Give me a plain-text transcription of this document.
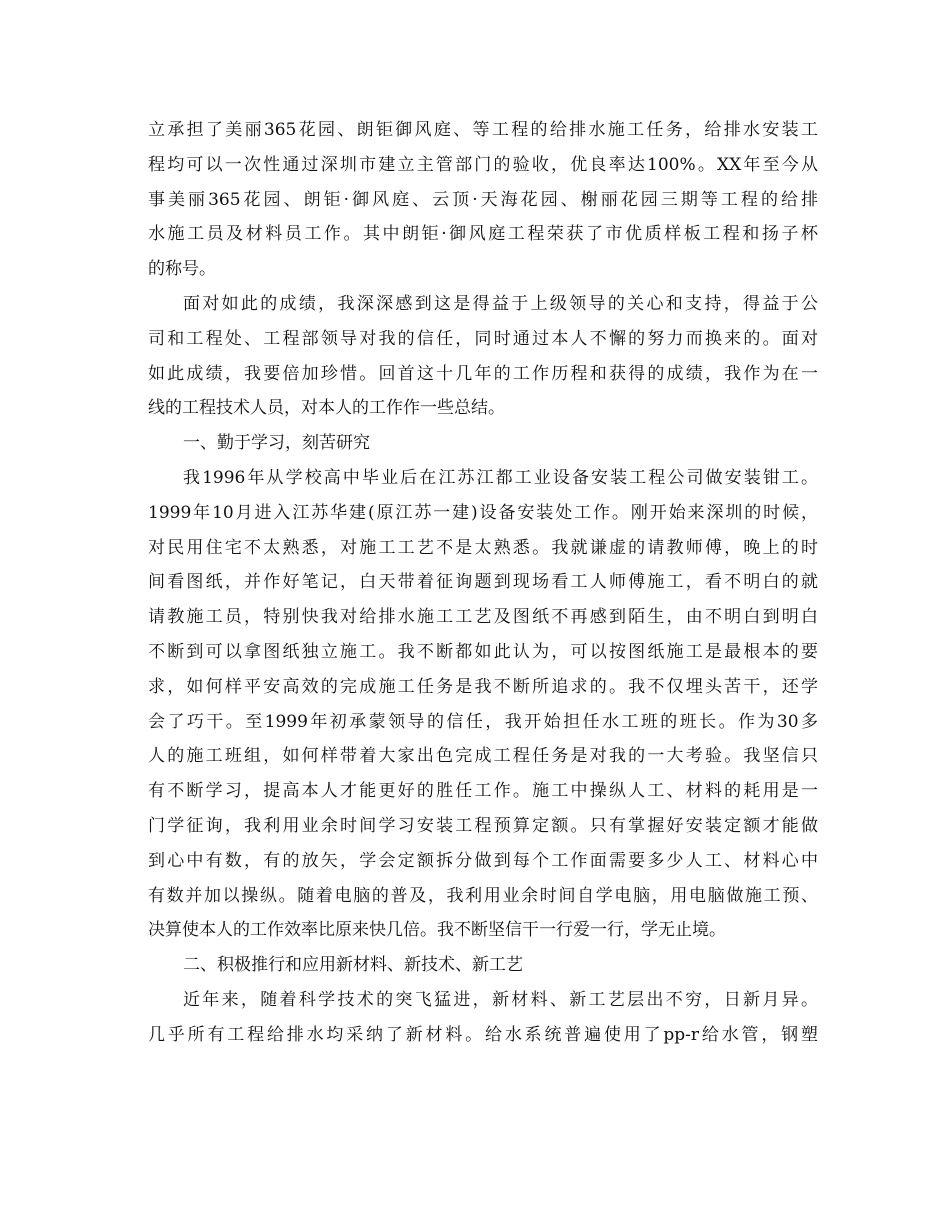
立承担了美丽365花园、朗钜御风庭、等工程的给排水施工任务，给排水安装工
程均可以一次性通过深圳市建立主管部门的验收，优良率达100%。XX年至今从
事美丽365花园、朗钜·御风庭、云顶·天海花园、榭丽花园三期等工程的给排
水施工员及材料员工作。其中朗钜·御风庭工程荣获了市优质样板工程和扬子杯
的称号。
面对如此的成绩，我深深感到这是得益于上级领导的关心和支持，得益于公
司和工程处、工程部领导对我的信任，同时通过本人不懈的努力而换来的。面对
如此成绩，我要倍加珍惜。回首这十几年的工作历程和获得的成绩，我作为在一
线的工程技术人员，对本人的工作作一些总结。
一、勤于学习，刻苦研究
我1996年从学校高中毕业后在江苏江都工业设备安装工程公司做安装钳工。
1999年10月进入江苏华建(原江苏一建)设备安装处工作。刚开始来深圳的时候，
对民用住宅不太熟悉，对施工工艺不是太熟悉。我就谦虚的请教师傅，晚上的时
间看图纸，并作好笔记，白天带着征询题到现场看工人师傅施工，看不明白的就
请教施工员，特别快我对给排水施工工艺及图纸不再感到陌生，由不明白到明白
不断到可以拿图纸独立施工。我不断都如此认为，可以按图纸施工是最根本的要
求，如何样平安高效的完成施工任务是我不断所追求的。我不仅埋头苦干，还学
会了巧干。至1999年初承蒙领导的信任，我开始担任水工班的班长。作为30多
人的施工班组，如何样带着大家出色完成工程任务是对我的一大考验。我坚信只
有不断学习，提高本人才能更好的胜任工作。施工中操纵人工、材料的耗用是一
门学征询，我利用业余时间学习安装工程预算定额。只有掌握好安装定额才能做
到心中有数，有的放矢，学会定额拆分做到每个工作面需要多少人工、材料心中
有数并加以操纵。随着电脑的普及，我利用业余时间自学电脑，用电脑做施工预、
决算使本人的工作效率比原来快几倍。我不断坚信干一行爱一行，学无止境。
二、积极推行和应用新材料、新技术、新工艺
近年来，随着科学技术的突飞猛进，新材料、新工艺层出不穷，日新月异。
几乎所有工程给排水均采纳了新材料。给水系统普遍使用了pp-r给水管，钢塑
